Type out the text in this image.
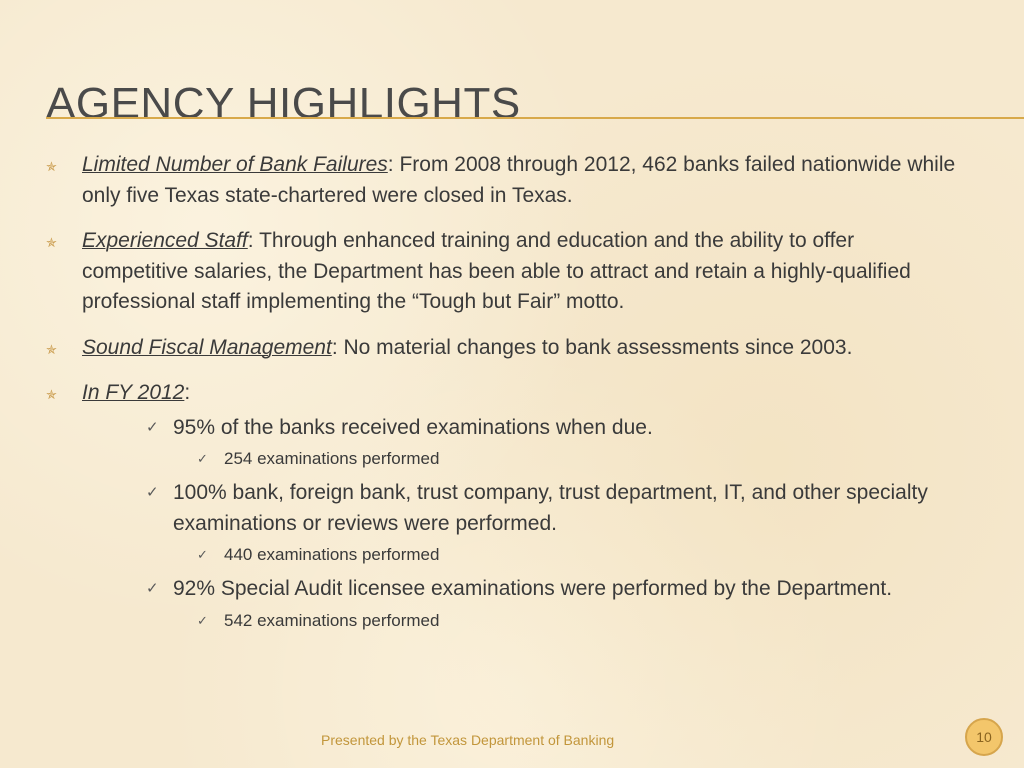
AGENCY HIGHLIGHTS
✯ Limited Number of Bank Failures: From 2008 through 2012, 462 banks failed nationwide while only five Texas state-chartered were closed in Texas.
✯ Experienced Staff: Through enhanced training and education and the ability to offer competitive salaries, the Department has been able to attract and retain a highly-qualified professional staff implementing the “Tough but Fair” motto.
✯ Sound Fiscal Management: No material changes to bank assessments since 2003.
✯ In FY 2012:
✓ 95% of the banks received examinations when due.
✓ 254 examinations performed
✓ 100% bank, foreign bank, trust company, trust department, IT, and other specialty examinations or reviews were performed.
✓ 440 examinations performed
✓ 92% Special Audit licensee examinations were performed by the Department.
✓ 542 examinations performed
Presented by the Texas Department of Banking	10
